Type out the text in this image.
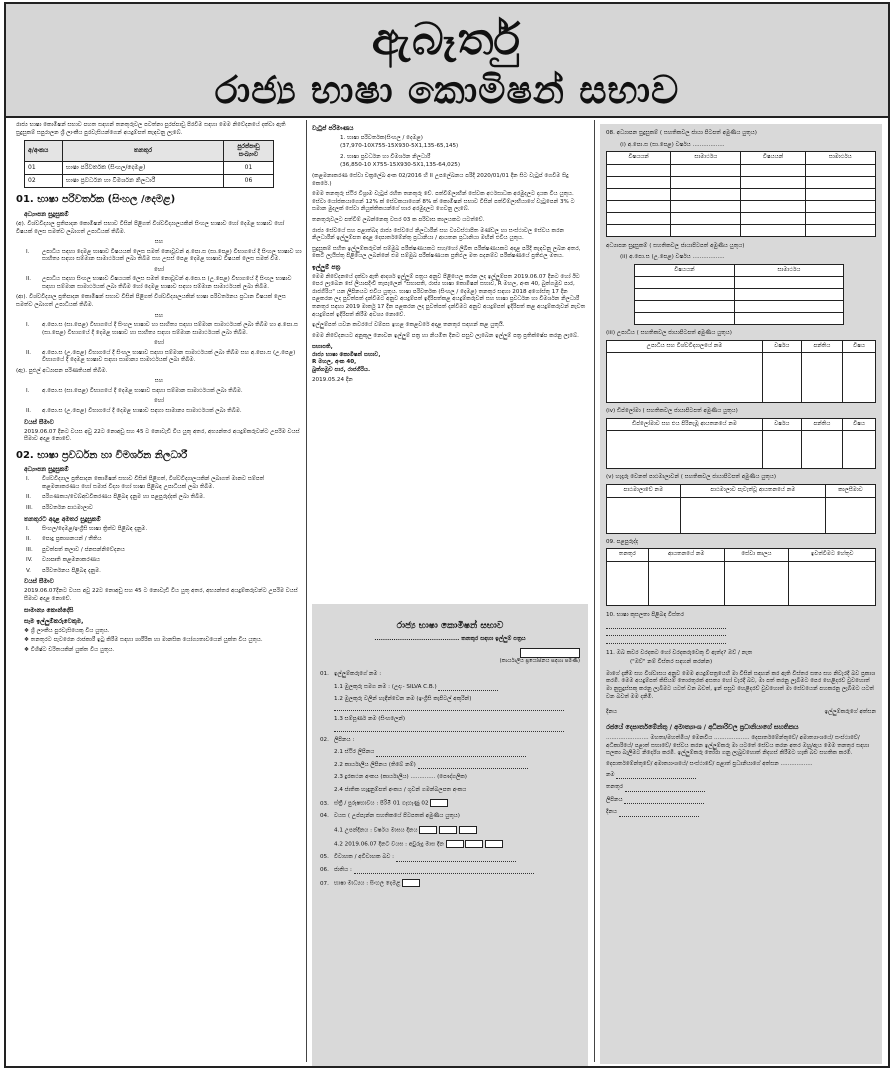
ඇබෑර්තු
රාජ්‍ය භාෂා කොමිෂන් සභාව

රාජ්‍ය භාෂා කොමිෂන් සභාව පහත සඳහන් තනතුරුවල පවත්නා පුරප්පාඩු පිරවීම සඳහා මෙම නිවේදනයේ දක්වා ඇති සුදුසුකම් සපුරාලන ශ්‍රී ලාංකීය පුරවැසියන්ගෙන් අයදුම්පත් කැඳවනු ලැබේ.

අ/අංකය	තනතුර	පුරප්පාඩු සංඛ්‍යාව
01	භාෂා පරිවර්තක (සිංහල/දෙමළ)	01
02	භාෂා ප්‍රවර්ධන හා විමර්ශන නිලධාරී	06
01. භාෂා පරිවර්තක (සිංහල /දෙමළ)
අධ්‍යාපන සුදුසුකම්

(අ). විශ්වවිද්‍යාල ප්‍රතිපාදන කොමිෂන් සභාව විසින් පිළිගත් විශ්වවිද්‍යාලයකින් සිංහල භාෂාව හෝ දෙමළ භාෂාව හෝ විෂයක් ලෙස සමත්ව ලබාගත් උපාධියක් තිබීම.

සහ
I. උපාධිය සඳහා දෙමළ භාෂාව විෂයයක් ලෙස සමත් නොවූවන් අ.පො.ස (සා.පෙළ) විභාගයේ දී සිංහල භාෂාව හා සාහිත්‍ය සඳහා සම්මාන සාමාර්ථයක් ලබා තිබීම සහ උසස් පෙළ දෙමළ භාෂාව විෂයක් ලෙස සමත් වීම.
හෝ
II. උපාධිය සඳහා සිංහල භාෂාව විෂයයක් ලෙස සමත් නොවූවන් අ.පො.ස (උ.පෙළ) විභාගයේ දී සිංහල භාෂාව සඳහා සම්මාන සාමාර්ථයක් ලබා තිබීම හෝ දෙමළ භාෂාව සඳහා සම්මාන සාමාර්ථයක් ලබා තිබීම.

(ආ). විශ්වවිද්‍යාල ප්‍රතිපාදන කොමිෂන් සභාව විසින් පිළිගත් විශ්වවිද්‍යාලයකින් භාෂා පරිවර්තනය ප්‍රධාන විෂයක් ලෙස සමත්ව ලබාගත් උපාධියක් තිබීම.

සහ
I. අ.පො.ස (සා.පෙළ) විභාගයේ දී සිංහල භාෂාව හා සාහිත්‍ය සඳහා සම්මාන සාමාර්ථයක් ලබා තිබීම හා අ.පො.ස (සා.පෙළ) විභාගයේ දී දෙමළ භාෂාව හා සාහිත්‍ය සඳහා සම්මාන සාමාර්ථයක් ලබා තිබීම.
හෝ
II. අ.පො.ස (උ.පෙළ) විභාගයේ දී සිංහල භාෂාව සඳහා සම්මාන සාමාර්ථයක් ලබා තිබීම සහ අ.පො.ස (උ.පෙළ) විභාගයේ දී දෙමළ භාෂාව සඳහා සාමාන්‍ය සාමාර්ථයක් ලබා තිබීම.

(ඇ). පුළුල් අධ්‍යාපන පරිණතියක් තිබීම.

සහ
I. අ.පො.ස (සා.පෙළ) විභාගයේ දී දෙමළ භාෂාව සඳහා සම්මාන සාමාර්ථයක් ලබා තිබීම.
හෝ
II. අ.පො.ස (උ.පෙළ) විභාගයේ දී දෙමළ භාෂාව සඳහා සාමාන්‍ය සාමාර්ථයක් ලබා තිබීම.
වයස් සීමාව

2019.06.07 දිනට වයස අවු 22ට නොඅඩු සහ 45 ට නොවැඩි විය යුතු අතර, අභ්‍යන්තර අයදුම්කරුවන්ට උපරිම වයස් සීමාව අදාළ නොවේ.

02. භාෂා ප්‍රවර්ධන හා විමර්ශන නිලධාරී
අධ්‍යාපන සුදුසුකම්
I. විශ්වවිද්‍යාල ප්‍රතිපාදන කොමිෂන් සභාව විසින් පිළිගත්, විශ්වවිද්‍යාලයකින් ලබාගත් මානව සම්පත් කළමනාකරණය හෝ සමාජ විද්‍යා හෝ භාෂා පිළිබඳ උපාධියක් ලබා තිබීම.
II. පරිගණකය/වෙබ්අඩවිකරණය පිළිබඳ දැනුම හා පළපුරුද්දක් ලබා තිබීම.
III. පරිවර්තන පාඨමාලාව
තනතුරට අදාළ අමතර සුදුසුකම්
I. සිංහල/දෙමළ/ඉංග්‍රීසි භාෂා ත්‍රිත්ව පිළිබඳ දැනුම.
II. පොදු ප්‍රකාශනයන් / තීතිය
III. පුවත්පත් කලාව / ජනසන්නිවේදනය
IV. ව්‍යාපෘති කළමනාකරණය
V. පරිවර්තනය පිළිබඳ දැනුම.
වයස් සීමාව

2019.06.07දිනට වයස අවු 22ට නොඅඩු සහ 45 ට නොවැඩි විය යුතු අතර, අභ්‍යන්තර අයදුම්කරුවන්ට උපරිම වයස් සීමාව අදාළ නොවේ.

සාමාන්‍ය කොන්දේසි
සෑම ඉල්ලුම්කරුවෙකුම,
❖ ශ්‍රී ලාංකීය පුරවැසියෙකු විය යුතුය.
❖ තනතුරට පැවරෙන රාජකාරී ඉටු කිරීම සඳහා ශාරීරික හා මානසික යෝග්‍යතාවයෙන් යුක්ත විය යුතුය.
❖ විශිෂ්ට චරිතයකින් යුක්ත විය යුතුය.
වැටුප් පරිමාණය
1. භාෂා පරිවර්තක(සිංහල / දෙමළ)
(37,970-10X755-15X930-5X1,135-65,145)
2. භාෂා ප්‍රවර්ධන හා විමර්ශන නිලධාරී
(36,850-10 X755-15X930-5X1,135-64,025)

(කළමනාකරණ සේවා චක්‍රලේඛ අංක 02/2016 හි II උපලේඛනය පරිදි 2020/01/01 දින සිට වැටුප් ගෙවීම සිදු කෙරේ.)

මෙම තනතුරු ස්ථිර විශ්‍රාම වැටුප් රහිත තනතුරු වේ. පත්වීම්ලාභීන් සේවක අර්ථසාධක අරමුදලට දායක විය යුතුය. සේවා යෝජකයාගෙන් 12% ක් සේවකයාගෙන් 8% ක් කොමිෂන් සභාව විසින් පත්වීම්ලාභියාගේ වැටුපෙන් 3% ට සමාන මුදලක් සේවා නියුක්තිකයන්ගේ භාර අරමුදලට ගෙවනු ලැබේ.

තනතුරුවලට පත්වීම් ලබන්නෙකු වසර 03 ක පරිවාස කාලයකට යටත්වේ.

රාජ්‍ය සේවයේ සහ පළාත්බද රාජ්‍ය සේවයේ නිලධාරීන් සහ ව්‍යවස්ථාපිත මණ්ඩල හා සංස්ථාවල සේවය කරන නිලධාරීන් ඉල්ලුම්පත අදාළ දෙපාර්තමේන්තු ප්‍රධානියා / ආයතන ප්‍රධානියා මඟින් එවිය යුතුය.

සුදුසුකම් සහිත ඉල්ලුම්කරුවන් සම්මුඛ පරීක්ෂණයකට සහ/හෝ ලිඛිත පරීක්ෂණයකට අදාළ පරිදි කැඳවනු ලබන අතර, කෙටි ලැයිස්තු පිළියෙල ලබන්නේ එම සම්මුඛ පරීක්ෂණයක ප්‍රතිඵල මත පදනම්ව පරීක්ෂණයේ ප්‍රතිඵල මතය.

ඉල්ලුම් පත්‍ර

මෙම නිවේදනයේ දක්වා ඇති ආදර්ශ ඉල්ලුම් පත්‍රය අනුව පිළියෙල කරන ලද ඉල්ලුම්පත 2019.06.07 දිනට හෝ ඊට පෙර ලැබෙන සේ ලියාපදිංචි තැපැලෙන් "සභාපති, රාජ්‍ය භාෂා කොමිෂන් සභාව, R මහල, අංක 40, බුත්ගමුව පාර, රාජගිරිය" යන ලිපිනයට එවිය යුතුය. භාෂා පරිවර්තක (සිංහල / දෙමළ) තනතුර සඳහා 2018 අගෝස්තු 17 දින පළකරන ලද පුවත්පත් දැන්වීමට අනුව අයදුම්පත් ඉදිරිපත්කළ අයදුම්කරුවන් සහ භාෂා ප්‍රවර්ධන හා විමර්ශන නිලධාරී තනතුර සඳහා 2019 මාර්තු 17 දින පළකරන ලද පුවත්පත් දැන්වීමට අනුව අයදුම්පත් ඉදිරිපත් කළ අයදුම්කරුවන් නැවත අයදුම්පත් ඉදිරිපත් කිරීම අවශ්‍ය නොවේ.

ඉල්ලුම්පත් යවන කවරයේ වම්පස ඉහළ කෙළවරේ අදාළ තනතුර සඳහන් කළ යුතුයි.

මෙම නිවේදනයට අනුකූල නොවන ඉල්ලුම් පත්‍ර හා නියමිත දිනට පසුව ලැබෙන ඉල්ලුම් පත්‍ර ප්‍රතික්ෂේප කරනු ලැබේ.

සභාපති,
රාජ්‍ය භාෂා කොමිෂන් සභාව,
R මහල, අංක 40,
බුත්ගමුව පාර, රාජගිරිය.
2019.05.24 දින
රාජ්‍ය භාෂා කොමිෂන් සභාව
........................................ තනතුර සඳහා ඉල්ලුම් පත්‍රය

(කාර්යාලීය ප්‍රයෝජනය සඳහා පමණි)
01. ඉල්ලුම්කරුගේ නම :
1.1 මුලකුරු සමග නම : (උදා:- SILVA C.B.)
1.2 මුලකුරු වලින් හැඳින්වෙන නම (ඉංග්‍රීසි කැපිටල් අකුරින්)

1.3 සම්පූර්ණ නම (සිංහලෙන්)

02. ලිපිනය :
2.1 ස්ථිර ලිපිනය
2.2 කාර්යාලීය ලිපිනය (තිබේ නම්)
2.3 දුරකථන අංකය (කාර්යාලීය) .............. (පෞද්ගලික)
2.4 ජාතික හැඳුනුම්පත් අංකය / ගුවන් ගමන්බලපත අංකය
03. ස්ත්‍රී / පුරුෂභාවය : පිරිමි 01 ගැහැණු 02
04. වයස ( උප්පැන්න සහතිකයේ පිටපතක් අමුණිය යුතුය)
4.1 උපන්දිනය : වර්ෂය මාසය දිනය
4.2 2019.06.07 දිනට වයස : අවුරුදු මාස දින
05. විවාහක / අවිවාහක බව :
06. ජාතිය :
07. භාෂා මාධ්‍යය : සිංහල දෙමළ
08. අධ්‍යාපන සුදුසුකම් ( සහතිකවල ජායා පිටපත් අමුණිය යුතුය)
(i) අ.පො.ස (සා.පෙළ) වර්ෂය ..................
විෂයයන්	සාමාර්ථය	විෂයයන්	සාමාර්ථය

අධ්‍යාපන සුදුසුකම් ( සහතිකවල ජායාපිටපත් අමුණිය යුතුය)
(ii) අ.පො.ස (උ.පෙළ) වර්ෂය ..................
විෂයයන්	සාමාර්ථය

(iii) උපාධිය ( සහතිකවල ජායාපිටපත් අමුණිය යුතුය)
උපාධිය සහ විශ්වවිද්‍යාලයේ නම	වර්ෂය	පන්තිය	විෂය

(iv) ඩිප්ලෝමා ( සහතිකවල ජායාපිටපත් අමුණිය යුතුය)
ඩිප්ලෝමාව සහ එය පිරිනැමූ ආයතනයේ නම	වර්ෂය	පන්තිය	විෂය

(v) හැදෑරූ වෙනත් පාඨමාලාවන් ( සහතිකවල ජායාපිටපත් අමුණිය යුතුය)
පාඨමාලාවේ නම	පාඨමාලාව පැවැත්වූ ආයතනයේ නම	කාලසීමාව

09. පළපුරුද්ද
තනතුර	ආයතනයේ නම	සේවා කාලය	ඉවත්වීමට හේතුව

10. භාෂා කුසලතා පිළිබඳ විස්තර

11. ඔබ කවර වරදකට හෝ වරදකරුවෙකු වී ඇත්ද? ඔව් / නැත
("ඔව්" නම් විස්තර සඳහන් කරන්න)

මාගේ දැනීම සහ විශ්වාසය අනුව මෙම අයදුම්පත්‍රයෙහි මා විසින් සඳහන් කර ඇති විස්තර සත්‍ය සහ නිවැරදි බව ප්‍රකාශ කරමි. මෙම අයදුම්පත් කිසියම් තොරතුරක් අසත්‍ය හෝ වැරදි බව, මා පත් කරනු ලැබීමට පෙර හෙළිදරව් වුවහොත් මා නුසුදුස්සකු කරනු ලැබීමට යටත් වන බවත්, ඉන් පසුව හෙළිදරව් වුවහොත් මා සේවයෙන් පහකරනු ලැබීමට යටත් වන බවත් මම දනිමි.

දිනය	ඉල්ලුම්කරුගේ අත්සන
රජයේ දෙපාර්තමේන්තු / අමාත්‍යාංශ / අධිකාරිවල ප්‍රධානියාගේ සහතිකය

........................ මහතා/මහත්මිය/ මෙනවිය .................... දෙපාර්තමේන්තුවේ/ අමාත්‍යාංශයේ/ සංස්ථාවේ/ අධිකාරියේ/ පළාත් සභාවේ/ සේවය කරන ඉල්ලුම්කරු මා යටතේ සේවය කරන අතර ඔහු/ඇය මෙම තනතුර සඳහා සලකා බැලීමට නිර්දේශ කරමි. ඉල්ලුම්කරු තෝරා ගනු ලැබුවහොත් නිදහස් කිරීමට හැකි බව සහතික කරමි.

දෙපාර්තමේන්තුවේ/ අමාත්‍යාංශයේ/ සංස්ථාවේ/ පළාත් ප්‍රධානියාගේ අත්සන ..................

නම
තනතුර
ලිපිනය
දිනය
